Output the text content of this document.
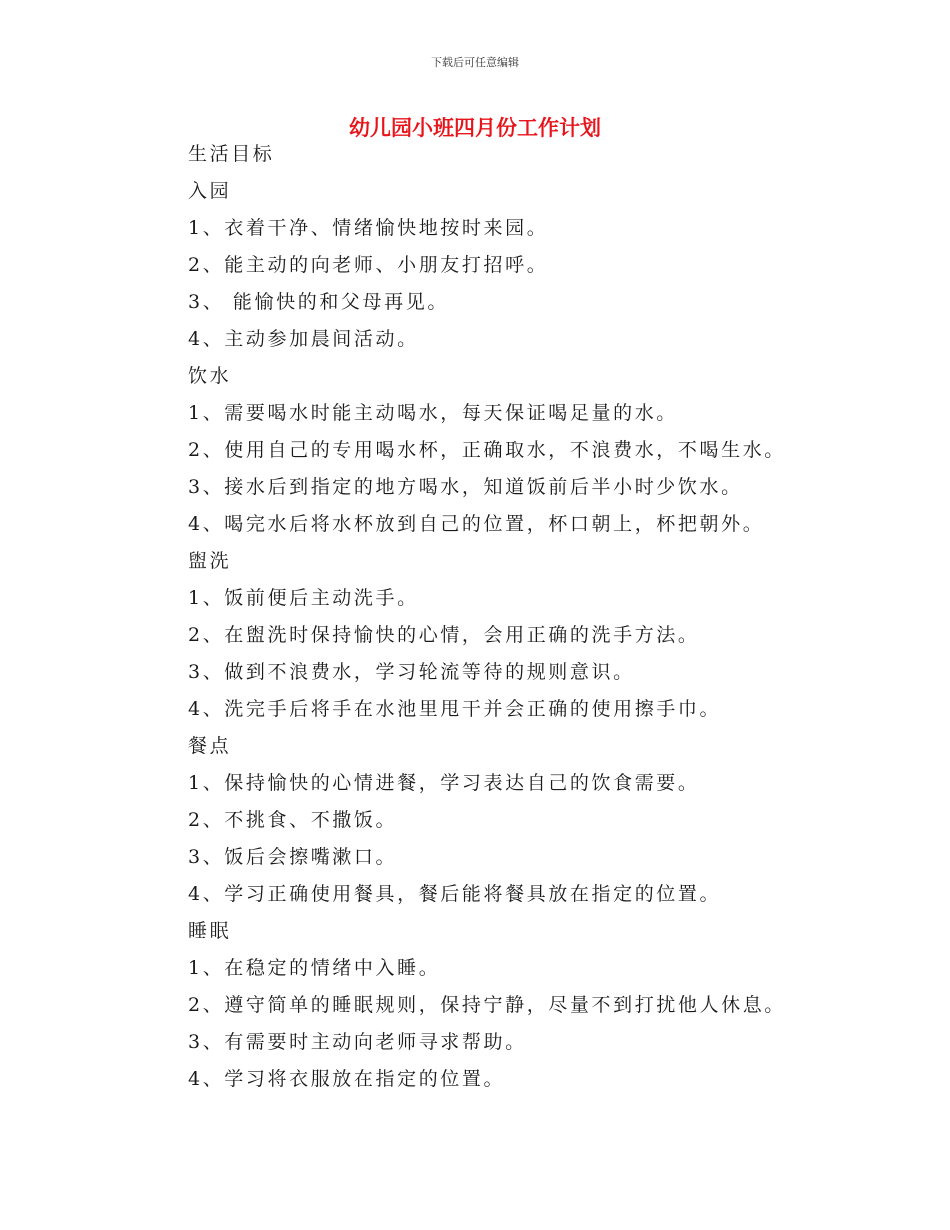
下载后可任意编辑
幼儿园小班四月份工作计划
生活目标
入园
1、衣着干净、情绪愉快地按时来园。
2、能主动的向老师、小朋友打招呼。
3、 能愉快的和父母再见。
4、主动参加晨间活动。
饮水
1、需要喝水时能主动喝水，每天保证喝足量的水。
2、使用自己的专用喝水杯，正确取水，不浪费水，不喝生水。
3、接水后到指定的地方喝水，知道饭前后半小时少饮水。
4、喝完水后将水杯放到自己的位置，杯口朝上，杯把朝外。
盥洗
1、饭前便后主动洗手。
2、在盥洗时保持愉快的心情，会用正确的洗手方法。
3、做到不浪费水，学习轮流等待的规则意识。
4、洗完手后将手在水池里甩干并会正确的使用擦手巾。
餐点
1、保持愉快的心情进餐，学习表达自己的饮食需要。
2、不挑食、不撒饭。
3、饭后会擦嘴漱口。
4、学习正确使用餐具，餐后能将餐具放在指定的位置。
睡眠
1、在稳定的情绪中入睡。
2、遵守简单的睡眠规则，保持宁静，尽量不到打扰他人休息。
3、有需要时主动向老师寻求帮助。
4、学习将衣服放在指定的位置。
